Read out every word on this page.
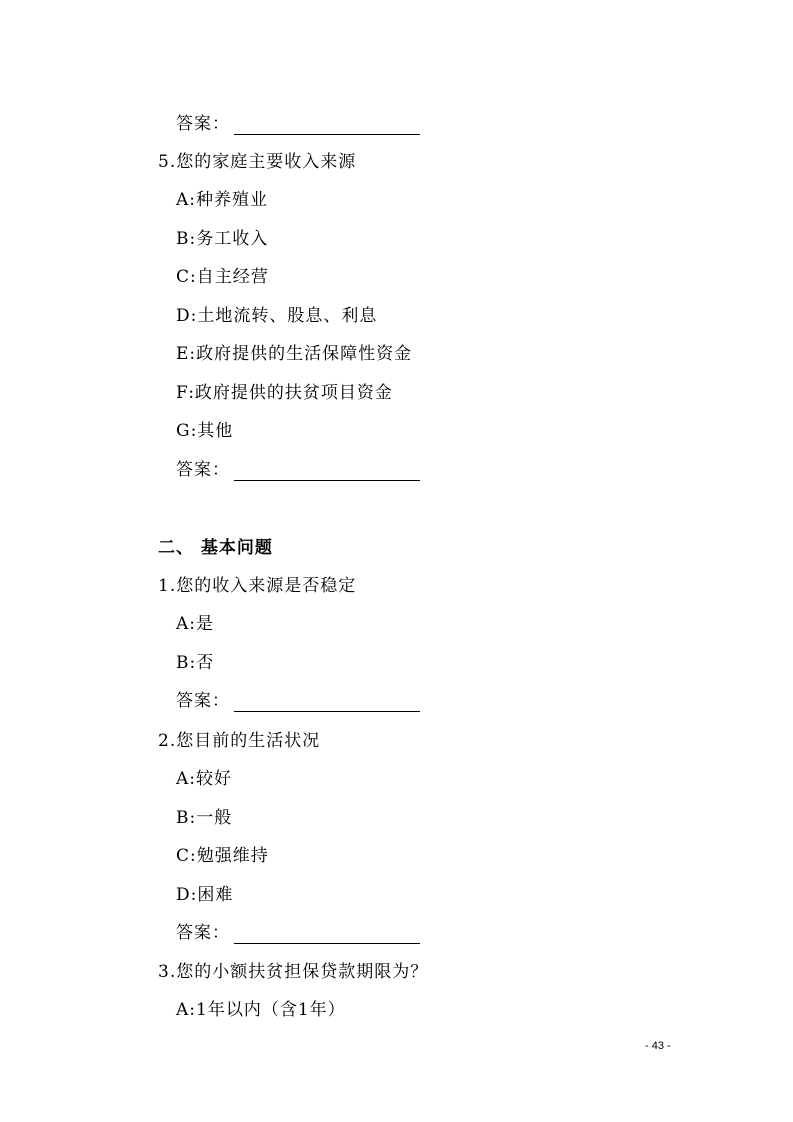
答案：
5.您的家庭主要收入来源
A:种养殖业
B:务工收入
C:自主经营
D:土地流转、股息、利息
E:政府提供的生活保障性资金
F:政府提供的扶贫项目资金
G:其他
答案：
二、 基本问题
1.您的收入来源是否稳定
A:是
B:否
答案：
2.您目前的生活状况
A:较好
B:一般
C:勉强维持
D:困难
答案：
3.您的小额扶贫担保贷款期限为？
A:1年以内（含1年）
- 43 -
